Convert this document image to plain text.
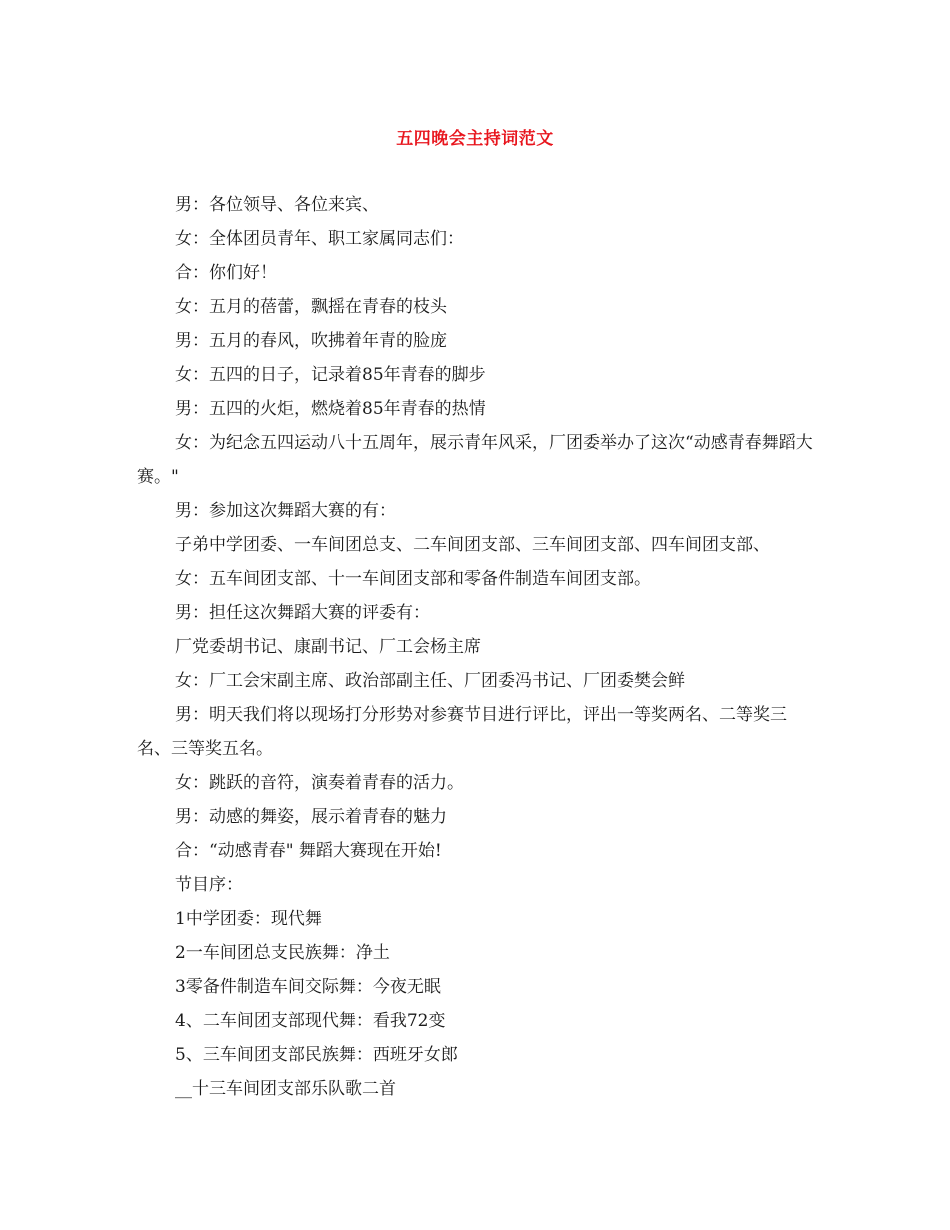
五四晚会主持词范文

男：各位领导、各位来宾、

女：全体团员青年、职工家属同志们：

合：你们好！

女：五月的蓓蕾，飘摇在青春的枝头

男：五月的春风，吹拂着年青的脸庞

女：五四的日子，记录着85年青春的脚步

男：五四的火炬，燃烧着85年青春的热情

女：为纪念五四运动八十五周年，展示青年风采，厂团委举办了这次“动感青春舞蹈大赛。"

男：参加这次舞蹈大赛的有：

子弟中学团委、一车间团总支、二车间团支部、三车间团支部、四车间团支部、

女：五车间团支部、十一车间团支部和零备件制造车间团支部。

男：担任这次舞蹈大赛的评委有：

厂党委胡书记、康副书记、厂工会杨主席

女：厂工会宋副主席、政治部副主任、厂团委冯书记、厂团委樊会鲜

男：明天我们将以现场打分形势对参赛节目进行评比，评出一等奖两名、二等奖三名、三等奖五名。

女：跳跃的音符，演奏着青春的活力。

男：动感的舞姿，展示着青春的魅力

合：“动感青春" 舞蹈大赛现在开始!

节目序：

1中学团委：现代舞

2一车间团总支民族舞：净土

3零备件制造车间交际舞：今夜无眠

4、二车间团支部现代舞：看我72变

5、三车间团支部民族舞：西班牙女郎

__十三车间团支部乐队歌二首
